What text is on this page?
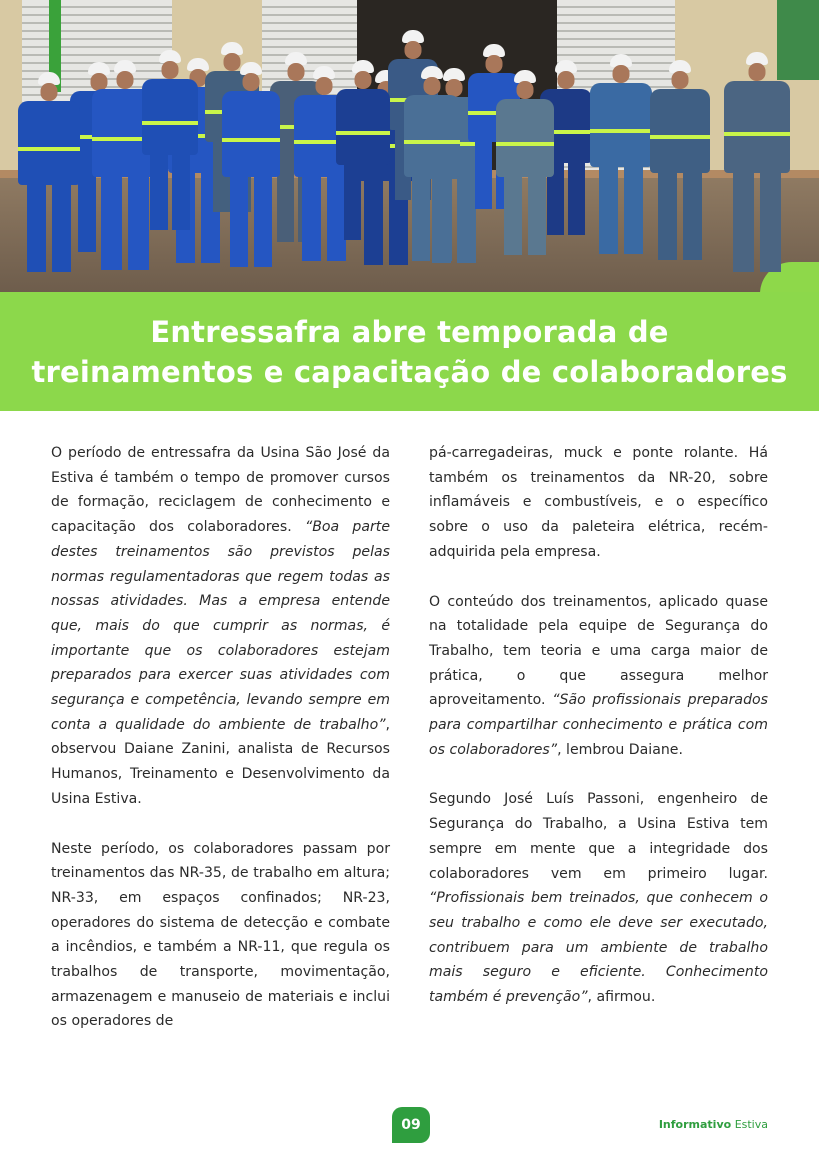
Entressafra abre temporada de
treinamentos e capacitação de colaboradores

O período de entressafra da Usina São José da Estiva é também o tempo de promover cursos de formação, reciclagem de conhecimento e capacitação dos colaboradores. “Boa parte destes treinamentos são previstos pelas normas regulamentadoras que regem todas as nossas atividades. Mas a empresa entende que, mais do que cumprir as normas, é importante que os colaboradores estejam preparados para exercer suas atividades com segurança e competência, levando sempre em conta a qualidade do ambiente de trabalho”, observou Daiane Zanini, analista de Recursos Humanos, Treinamento e Desenvolvimento da Usina Estiva.

Neste período, os colaboradores passam por treinamentos das NR-35, de trabalho em altura; NR-33, em espaços confinados; NR-23, operadores do sistema de detecção e combate a incêndios, e também a NR-11, que regula os trabalhos de transporte, movimentação, armazenagem e manuseio de materiais e inclui os operadores de

pá-carregadeiras, muck e ponte rolante. Há também os treinamentos da NR-20, sobre inflamáveis e combustíveis, e o específico sobre o uso da paleteira elétrica, recém-adquirida pela empresa.

O conteúdo dos treinamentos, aplicado quase na totalidade pela equipe de Segurança do Trabalho, tem teoria e uma carga maior de prática, o que assegura melhor aproveitamento. “São profissionais preparados para compartilhar conhecimento e prática com os colaboradores”, lembrou Daiane.

Segundo José Luís Passoni, engenheiro de Segurança do Trabalho, a Usina Estiva tem sempre em mente que a integridade dos colaboradores vem em primeiro lugar. “Profissionais bem treinados, que conhecem o seu trabalho e como ele deve ser executado, contribuem para um ambiente de trabalho mais seguro e eficiente. Conhecimento também é prevenção”, afirmou.

09	Informativo Estiva
